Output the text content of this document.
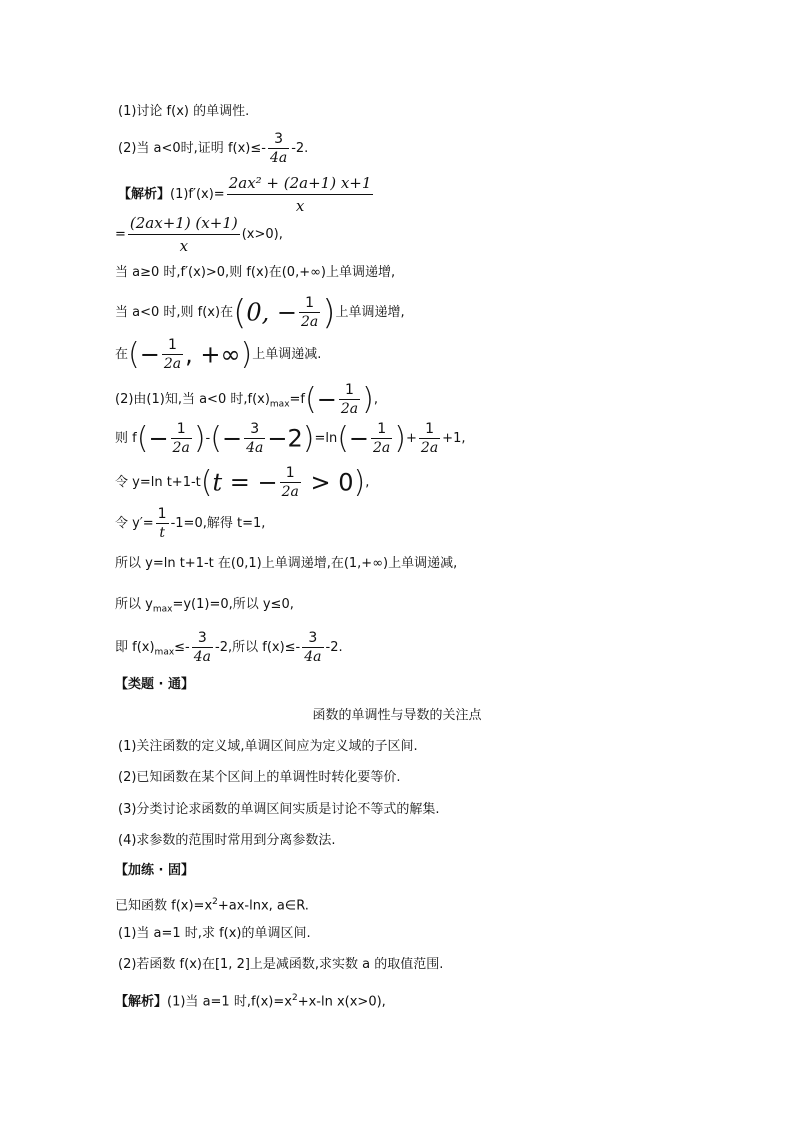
(1)讨论 f(x) 的单调性.
(2)当 a<0时,证明 $f(x)\le- \frac{3}{4a} -2$.
【解析】$(1)f'(x)= \frac{\text{2ax² + (2a+1) x+1}}{x}$
= $\frac{(2ax+1) (x+1)}{x} (x>0)$,
当 a≥0 时,f′(x)>0,则 f(x)在(0,+∞)上单调递增,
当 a<0 时,则 f(x)在(0, − $\frac{1}{2a}$ )上单调递增,
在(− $\frac{1}{2a}$ , +∞)上单调递减.
(2)由(1)知,当 a<0 时$,f(x)_{max}=f(- \frac{1}{2a}$ ),
则 $f(- \frac{1}{2a}$ )-(− $\frac{3}{4a} -2)=\ln(- \frac{1}{2a}$ )+ $\frac{1}{2a} +1$,
令 y=ln t+1-t(t = − $\frac{1}{2a} > 0$),
令 $y'= \frac{1}{t} -1=0$,解得 t=1,
所以 y=ln t+1-t 在(0,1)上单调递增,在(1,+∞)上单调递减,
所以 $y_{max}=y(1)=0$,所以 y≤0,
即 $f(x)_{max}\le- \frac{3}{4a} -2$,所以 $f(x)\le- \frac{3}{4a} -2$.
【类题 · 通】
函数的单调性与导数的关注点
(1)关注函数的定义域,单调区间应为定义域的子区间.
(2)已知函数在某个区间上的单调性时转化要等价.
(3)分类讨论求函数的单调区间实质是讨论不等式的解集.
(4)求参数的范围时常用到分离参数法.
【加练 · 固】
已知函数 $f(x)=x^2+ax$-lnx, a∈R.
(1)当 a=1 时,求 f(x)的单调区间.
(2)若函数 f(x)在[1, 2]上是减函数,求实数 a 的取值范围.
【解析】(1)当 a=1 时$,f(x)=x^2+x-\ln$ x(x>0),
